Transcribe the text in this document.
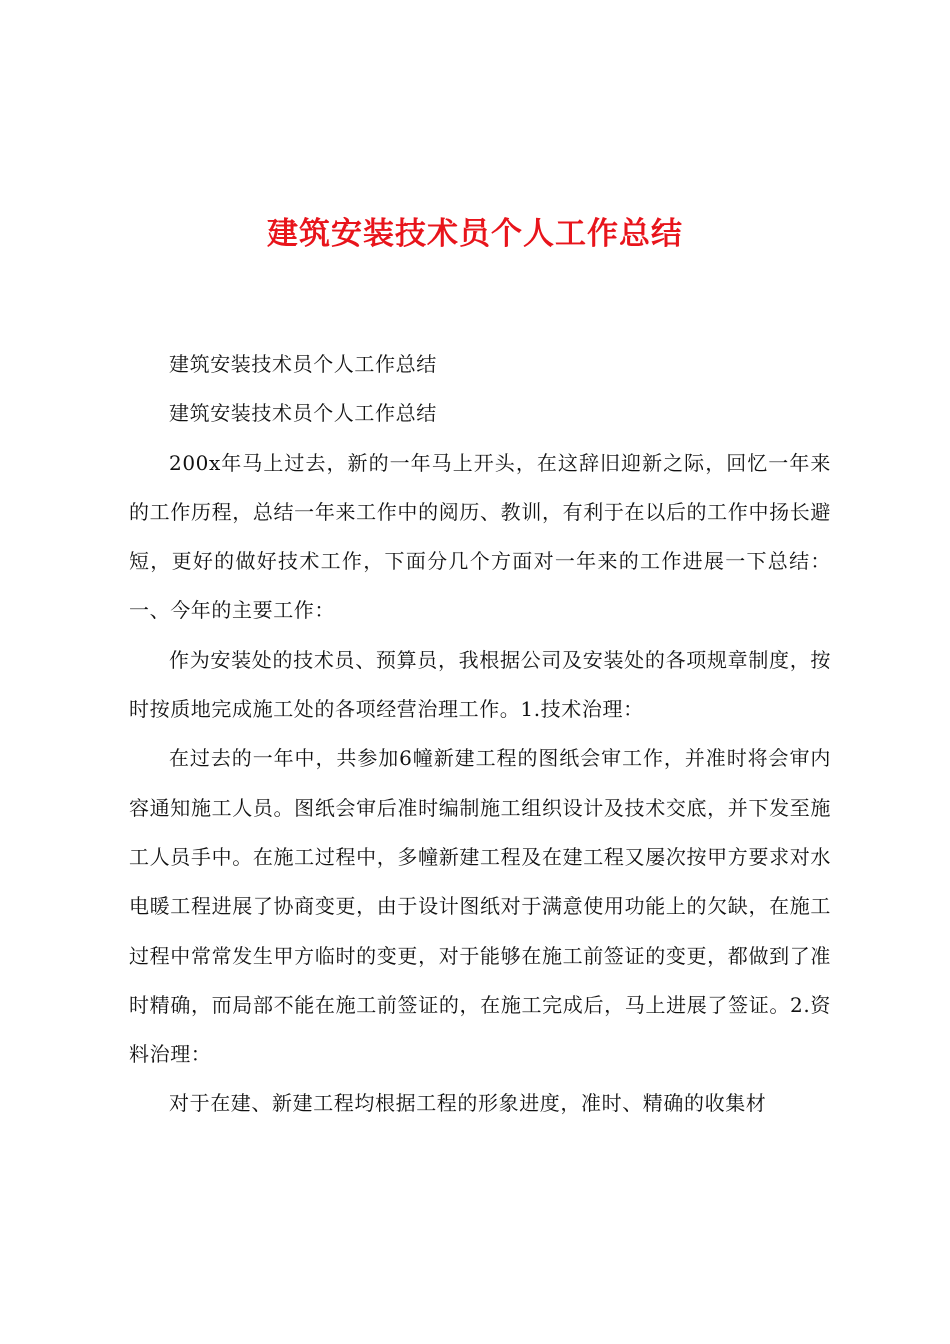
建筑安装技术员个人工作总结

建筑安装技术员个人工作总结

建筑安装技术员个人工作总结

200x年马上过去，新的一年马上开头，在这辞旧迎新之际，回忆一年来的工作历程，总结一年来工作中的阅历、教训，有利于在以后的工作中扬长避短，更好的做好技术工作，下面分几个方面对一年来的工作进展一下总结：一、今年的主要工作：

作为安装处的技术员、预算员，我根据公司及安装处的各项规章制度，按时按质地完成施工处的各项经营治理工作。1.技术治理：

在过去的一年中，共参加6幢新建工程的图纸会审工作，并准时将会审内容通知施工人员。图纸会审后准时编制施工组织设计及技术交底，并下发至施工人员手中。在施工过程中，多幢新建工程及在建工程又屡次按甲方要求对水电暖工程进展了协商变更，由于设计图纸对于满意使用功能上的欠缺，在施工过程中常常发生甲方临时的变更，对于能够在施工前签证的变更，都做到了准时精确，而局部不能在施工前签证的，在施工完成后，马上进展了签证。2.资料治理：

对于在建、新建工程均根据工程的形象进度，准时、精确的收集材
